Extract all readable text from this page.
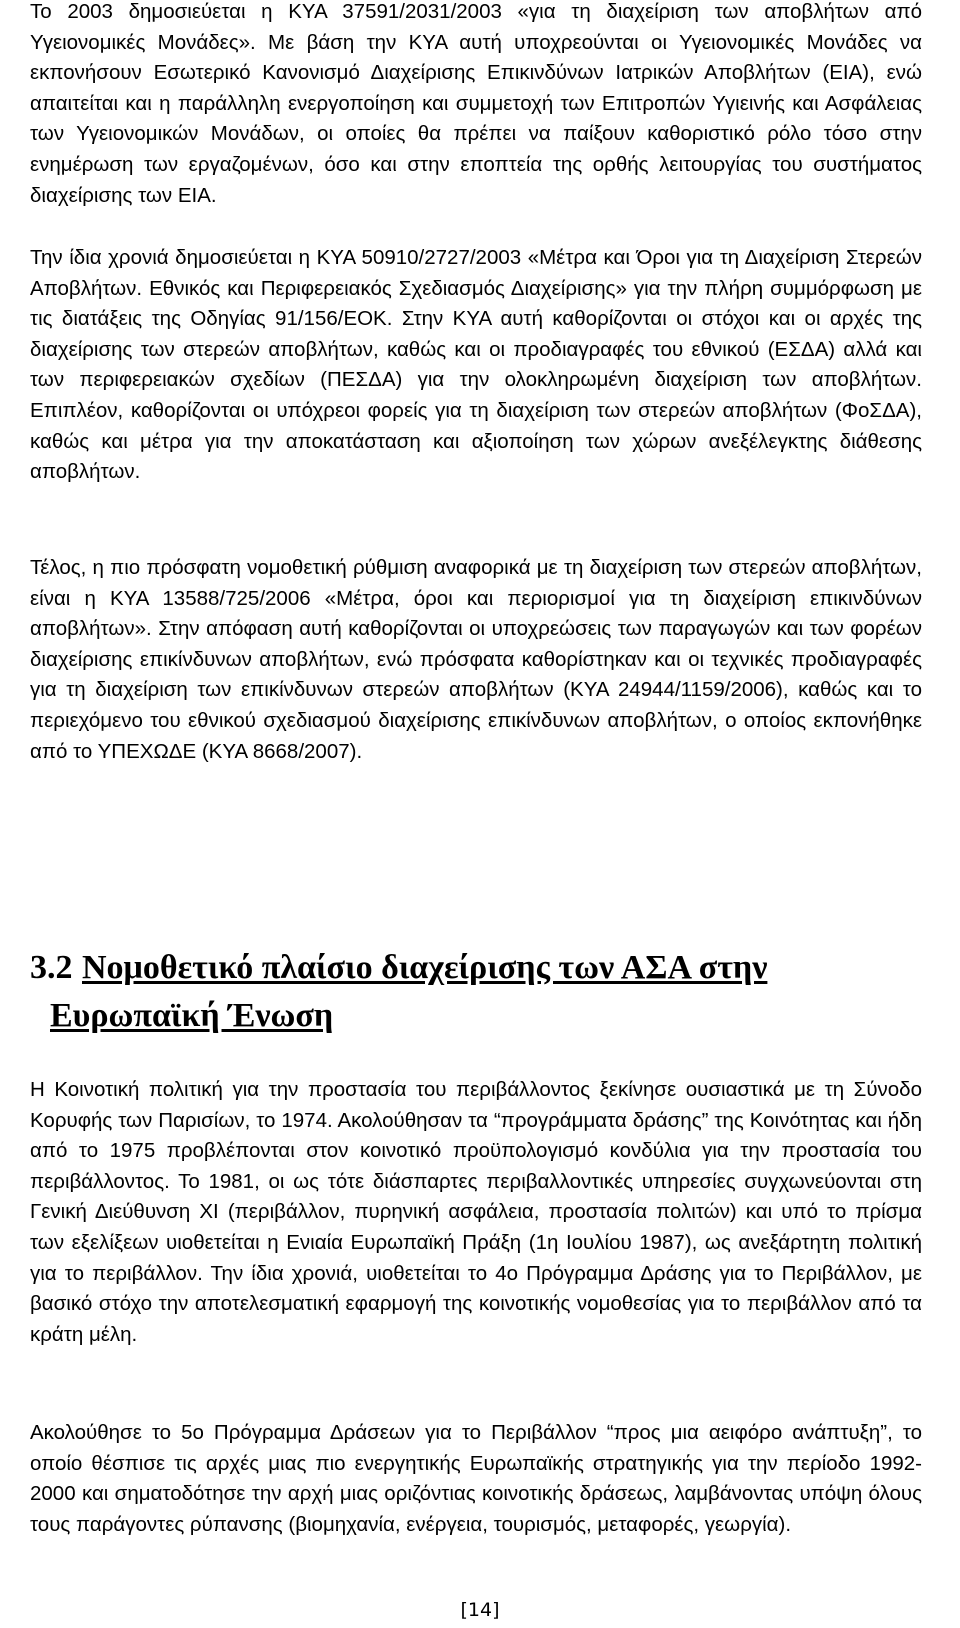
Το 2003 δημοσιεύεται η ΚΥΑ 37591/2031/2003 «για τη διαχείριση των αποβλήτων από Υγειονομικές Μονάδες». Με βάση την ΚΥΑ αυτή υποχρεούνται οι Υγειονομικές Μονάδες να εκπονήσουν Εσωτερικό Κανονισμό Διαχείρισης Επικινδύνων Ιατρικών Αποβλήτων (ΕΙΑ), ενώ απαιτείται και η παράλληλη ενεργοποίηση και συμμετοχή των Επιτροπών Υγιεινής και Ασφάλειας των Υγειονομικών Μονάδων, οι οποίες θα πρέπει να παίξουν καθοριστικό ρόλο τόσο στην ενημέρωση των εργαζομένων, όσο και στην εποπτεία της ορθής λειτουργίας του συστήματος διαχείρισης των ΕΙΑ.

Την ίδια χρονιά δημοσιεύεται η ΚΥΑ 50910/2727/2003 «Μέτρα και Όροι για τη Διαχείριση Στερεών Αποβλήτων. Εθνικός και Περιφερειακός Σχεδιασμός Διαχείρισης» για την πλήρη συμμόρφωση με τις διατάξεις της Οδηγίας 91/156/ΕΟΚ. Στην ΚΥΑ αυτή καθορίζονται οι στόχοι και οι αρχές της διαχείρισης των στερεών αποβλήτων, καθώς και οι προδιαγραφές του εθνικού (ΕΣΔΑ) αλλά και των περιφερειακών σχεδίων (ΠΕΣΔΑ) για την ολοκληρωμένη διαχείριση των αποβλήτων. Επιπλέον, καθορίζονται οι υπόχρεοι φορείς για τη διαχείριση των στερεών αποβλήτων (ΦοΣΔΑ), καθώς και μέτρα για την αποκατάσταση και αξιοποίηση των χώρων ανεξέλεγκτης διάθεσης αποβλήτων.

Τέλος, η πιο πρόσφατη νομοθετική ρύθμιση αναφορικά με τη διαχείριση των στερεών αποβλήτων, είναι η ΚΥΑ 13588/725/2006 «Μέτρα, όροι και περιορισμοί για τη διαχείριση επικινδύνων αποβλήτων». Στην απόφαση αυτή καθορίζονται οι υποχρεώσεις των παραγωγών και των φορέων διαχείρισης επικίνδυνων αποβλήτων, ενώ πρόσφατα καθορίστηκαν και οι τεχνικές προδιαγραφές για τη διαχείριση των επικίνδυνων στερεών αποβλήτων (ΚΥΑ 24944/1159/2006), καθώς και το περιεχόμενο του εθνικού σχεδιασμού διαχείρισης επικίνδυνων αποβλήτων, ο οποίος εκπονήθηκε από το ΥΠΕΧΩΔΕ (ΚΥΑ 8668/2007).

3.2 Νομοθετικό πλαίσιο διαχείρισης των ΑΣΑ στην
Ευρωπαϊκή Ένωση

Η Κοινοτική πολιτική για την προστασία του περιβάλλοντος ξεκίνησε ουσιαστικά με τη Σύνοδο Κορυφής των Παρισίων, το 1974. Ακολούθησαν τα “προγράμματα δράσης” της Κοινότητας και ήδη από το 1975 προβλέπονται στον κοινοτικό προϋπολογισμό κονδύλια για την προστασία του περιβάλλοντος. Το 1981, οι ως τότε διάσπαρτες περιβαλλοντικές υπηρεσίες συγχωνεύονται στη Γενική Διεύθυνση ΧΙ (περιβάλλον, πυρηνική ασφάλεια, προστασία πολιτών) και υπό το πρίσμα των εξελίξεων υιοθετείται η Ενιαία Ευρωπαϊκή Πράξη (1η Ιουλίου 1987), ως ανεξάρτητη πολιτική για το περιβάλλον. Την ίδια χρονιά, υιοθετείται το 4ο Πρόγραμμα Δράσης για το Περιβάλλον, με βασικό στόχο την αποτελεσματική εφαρμογή της κοινοτικής νομοθεσίας για το περιβάλλον από τα κράτη μέλη.

Ακολούθησε το 5ο Πρόγραμμα Δράσεων για το Περιβάλλον “προς μια αειφόρο ανάπτυξη”, το οποίο θέσπισε τις αρχές μιας πιο ενεργητικής Ευρωπαϊκής στρατηγικής για την περίοδο 1992-2000 και σηματοδότησε την αρχή μιας οριζόντιας κοινοτικής δράσεως, λαμβάνοντας υπόψη όλους τους παράγοντες ρύπανσης (βιομηχανία, ενέργεια, τουρισμός, μεταφορές, γεωργία).

[14]
